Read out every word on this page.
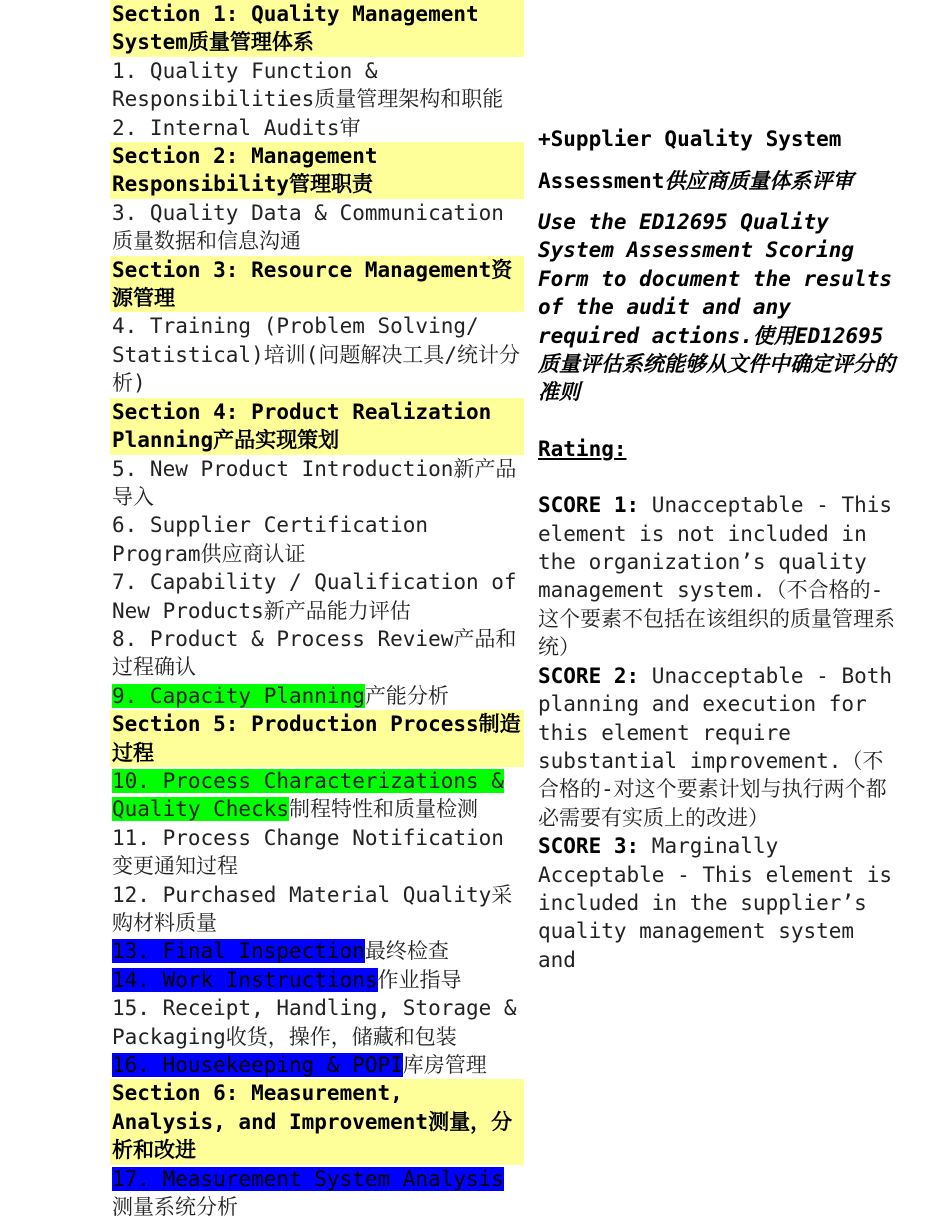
Section 1: Quality Management System质量管理体系
1. Quality Function & Responsibilities质量管理架构和职能
2. Internal Audits审
Section 2: Management Responsibility管理职责
3. Quality Data & Communication 质量数据和信息沟通
Section 3: Resource Management资源管理
4. Training (Problem Solving/ Statistical)培训(问题解决工具/统计分析)
Section 4: Product Realization Planning产品实现策划
5. New Product Introduction新产品导入
6. Supplier Certification Program供应商认证
7. Capability / Qualification of New Products新产品能力评估
8. Product & Process Review产品和过程确认
9. Capacity Planning产能分析
Section 5: Production Process制造过程
10. Process Characterizations & Quality Checks制程特性和质量检测
11. Process Change Notification 变更通知过程
12. Purchased Material Quality采购材料质量
13. Final Inspection最终检查
14. Work Instructions作业指导
15. Receipt, Handling, Storage & Packaging收货，操作，储藏和包装
16. Housekeeping & POPI库房管理
Section 6: Measurement, Analysis, and Improvement测量，分析和改进
17. Measurement System Analysis测量系统分析
+Supplier Quality System
Assessment供应商质量体系评审
Use the ED12695 Quality System Assessment Scoring Form to document the results of the audit and any required actions.使用ED12695质量评估系统能够从文件中确定评分的准则
Rating:
SCORE 1: Unacceptable - This element is not included in the organization’s quality management system.（不合格的-这个要素不包括在该组织的质量管理系统）
SCORE 2: Unacceptable - Both planning and execution for this element require substantial improvement.（不合格的-对这个要素计划与执行两个都必需要有实质上的改进）
SCORE 3: Marginally Acceptable - This element is included in the supplier’s quality management system and
